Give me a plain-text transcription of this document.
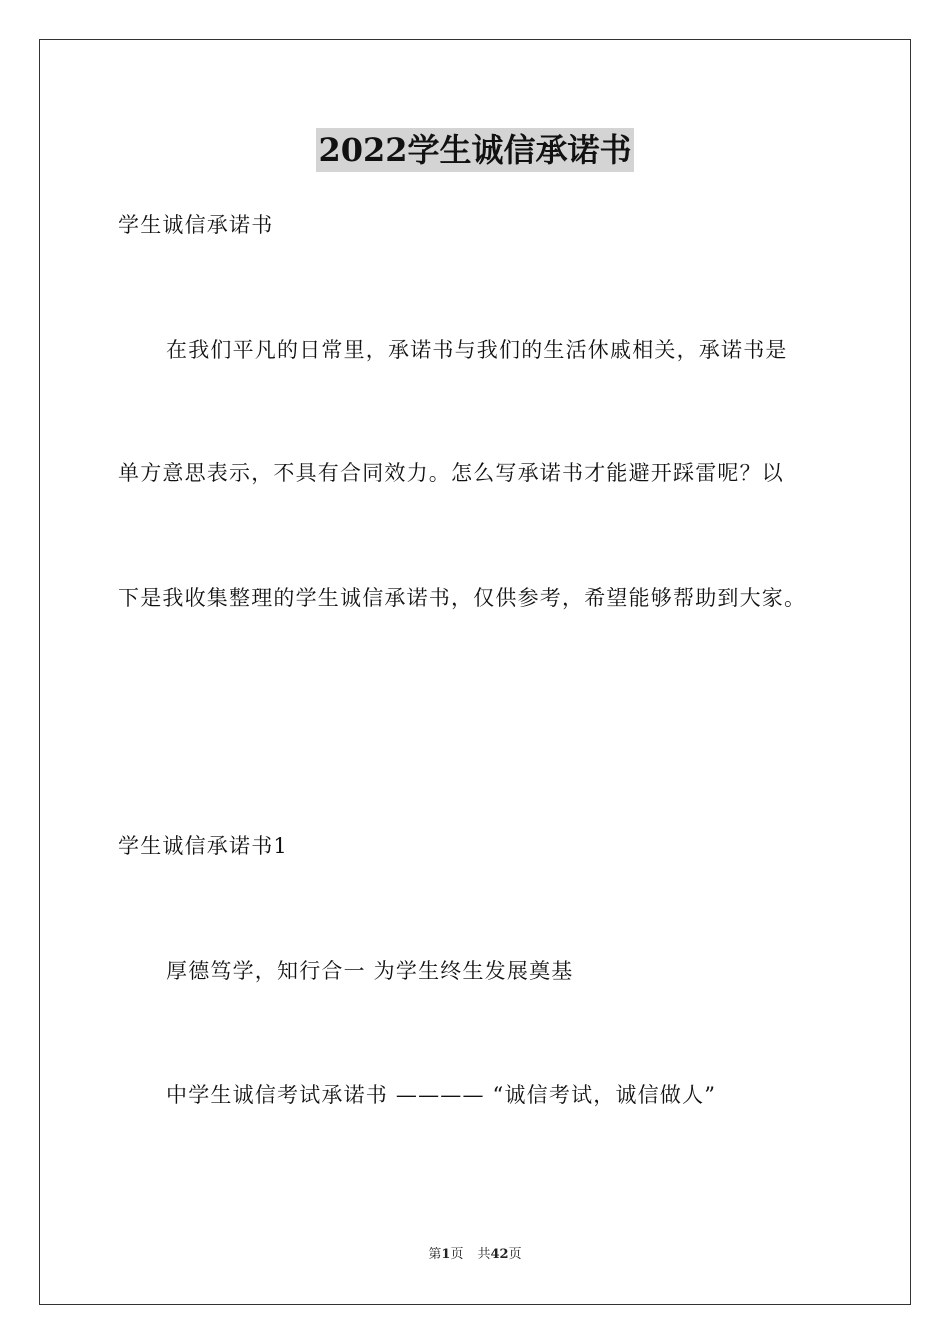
2022学生诚信承诺书
学生诚信承诺书
在我们平凡的日常里，承诺书与我们的生活休戚相关，承诺书是
单方意思表示，不具有合同效力。怎么写承诺书才能避开踩雷呢？以
下是我收集整理的学生诚信承诺书，仅供参考，希望能够帮助到大家。
学生诚信承诺书1
厚德笃学，知行合一 为学生终生发展奠基
中学生诚信考试承诺书 ———— “诚信考试，诚信做人”
第1页 共42页
